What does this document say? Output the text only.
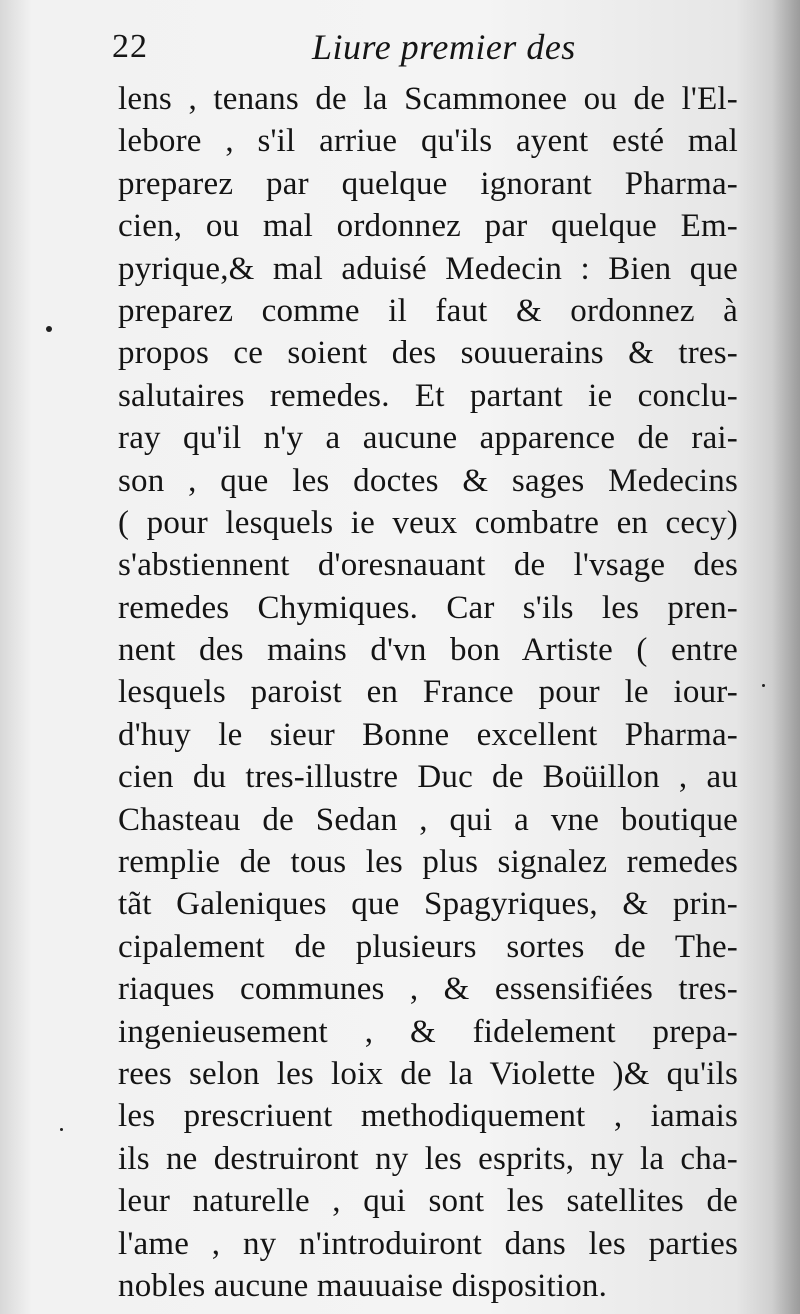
22	Liure premier des
lens , tenans de la Scammonee ou de l'El-
lebore , s'il arriue qu'ils ayent esté mal
preparez par quelque ignorant Pharma-
cien, ou mal ordonnez par quelque Em-
pyrique,& mal aduisé Medecin : Bien que
preparez comme il faut & ordonnez à
propos ce soient des souuerains & tres-
salutaires remedes. Et partant ie conclu-
ray qu'il n'y a aucune apparence de rai-
son , que les doctes & sages Medecins
( pour lesquels ie veux combatre en cecy)
s'abstiennent d'oresnauant de l'vsage des
remedes Chymiques. Car s'ils les pren-
nent des mains d'vn bon Artiste ( entre
lesquels paroist en France pour le iour-
d'huy le sieur Bonne excellent Pharma-
cien du tres-illustre Duc de Boüillon , au
Chasteau de Sedan , qui a vne boutique
remplie de tous les plus signalez remedes
tãt Galeniques que Spagyriques, & prin-
cipalement de plusieurs sortes de The-
riaques communes , & essensifiées tres-
ingenieusement , & fidelement prepa-
rees selon les loix de la Violette )& qu'ils
les prescriuent methodiquement , iamais
ils ne destruiront ny les esprits, ny la cha-
leur naturelle , qui sont les satellites de
l'ame , ny n'introduiront dans les parties
nobles aucune mauuaise disposition.
